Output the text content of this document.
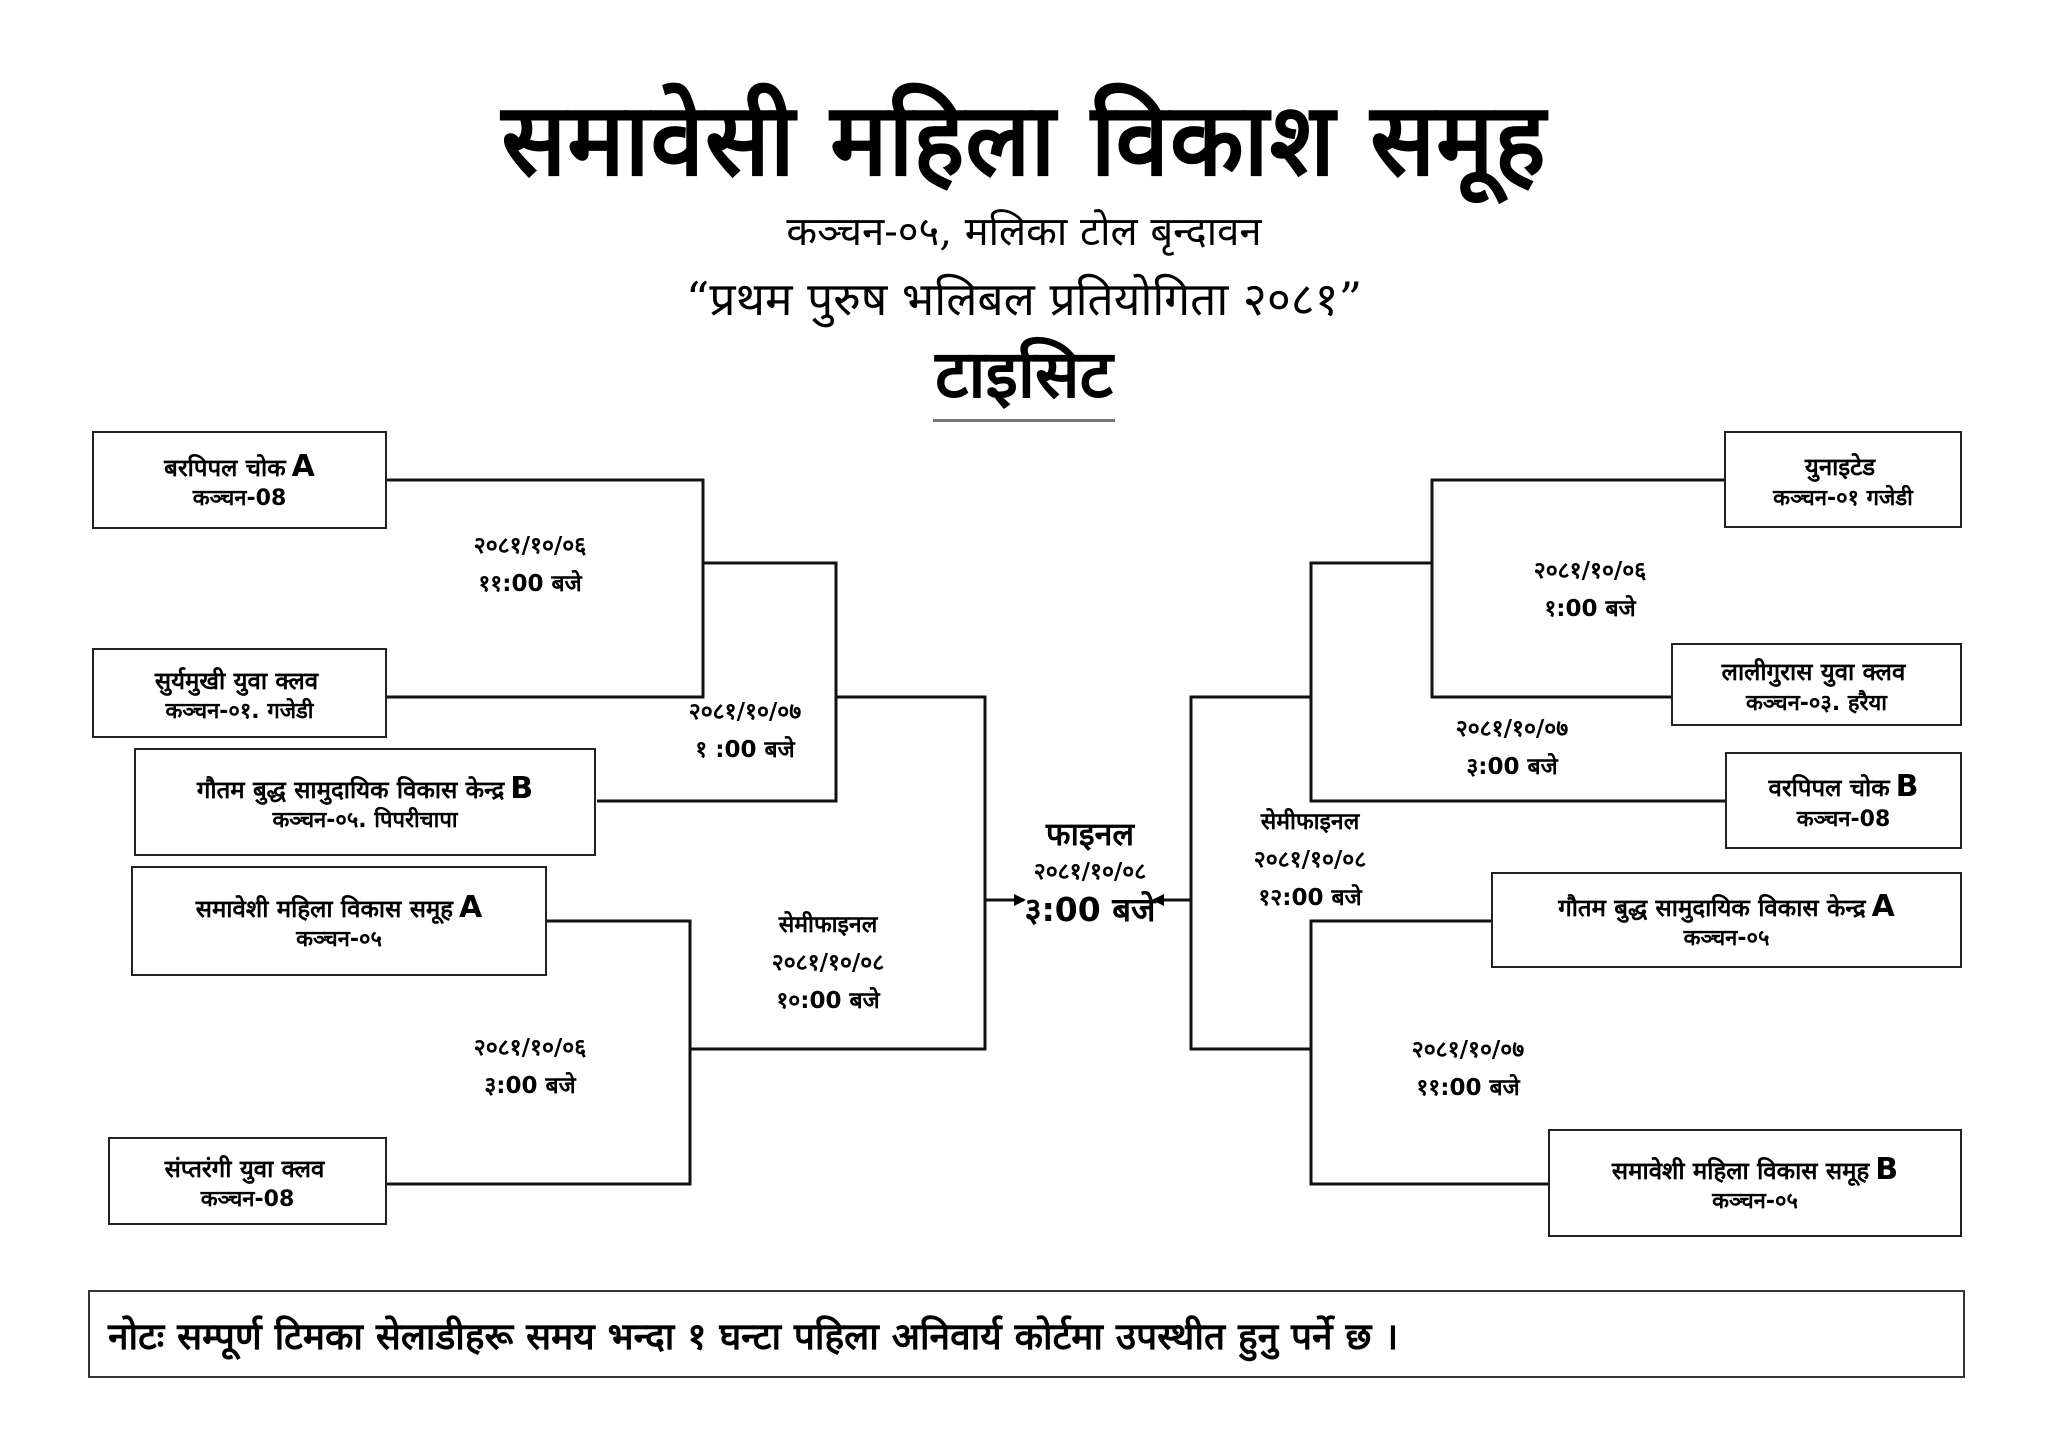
समावेसी महिला विकाश समूह
कञ्चन-०५, मलिका टोल बृन्दावन
“प्रथम पुरुष भलिबल प्रतियोगिता २०८१”
टाइसिट
बरपिपल चोक A
कञ्चन-08
सुर्यमुखी युवा क्लव
कञ्चन-०१. गजेडी
गौतम बुद्ध सामुदायिक विकास केन्द्र B
कञ्चन-०५. पिपरीचापा
समावेशी महिला विकास समूह A
कञ्चन-०५
संप्तरंगी युवा क्लव
कञ्चन-08
२०८१/१०/०६
११:00 बजे
२०८१/१०/०७
१ :00 बजे
२०८१/१०/०६
३:00 बजे
सेमीफाइनल
२०८१/१०/०८
१०:00 बजे
फाइनल
२०८१/१०/०८
३:00 बजे
युनाइटेड
कञ्चन-०१ गजेडी
लालीगुरास युवा क्लव
कञ्चन-०३. हरैया
वरपिपल चोक B
कञ्चन-08
गौतम बुद्ध सामुदायिक विकास केन्द्र A
कञ्चन-०५
समावेशी महिला विकास समूह B
कञ्चन-०५
२०८१/१०/०६
१:00 बजे
२०८१/१०/०७
३:00 बजे
२०८१/१०/०७
११:00 बजे
सेमीफाइनल
२०८१/१०/०८
१२:00 बजे
नोटः सम्पूर्ण टिमका सेलाडीहरू समय भन्दा १ घन्टा पहिला अनिवार्य कोर्टमा उपस्थीत हुनु पर्ने छ ।
